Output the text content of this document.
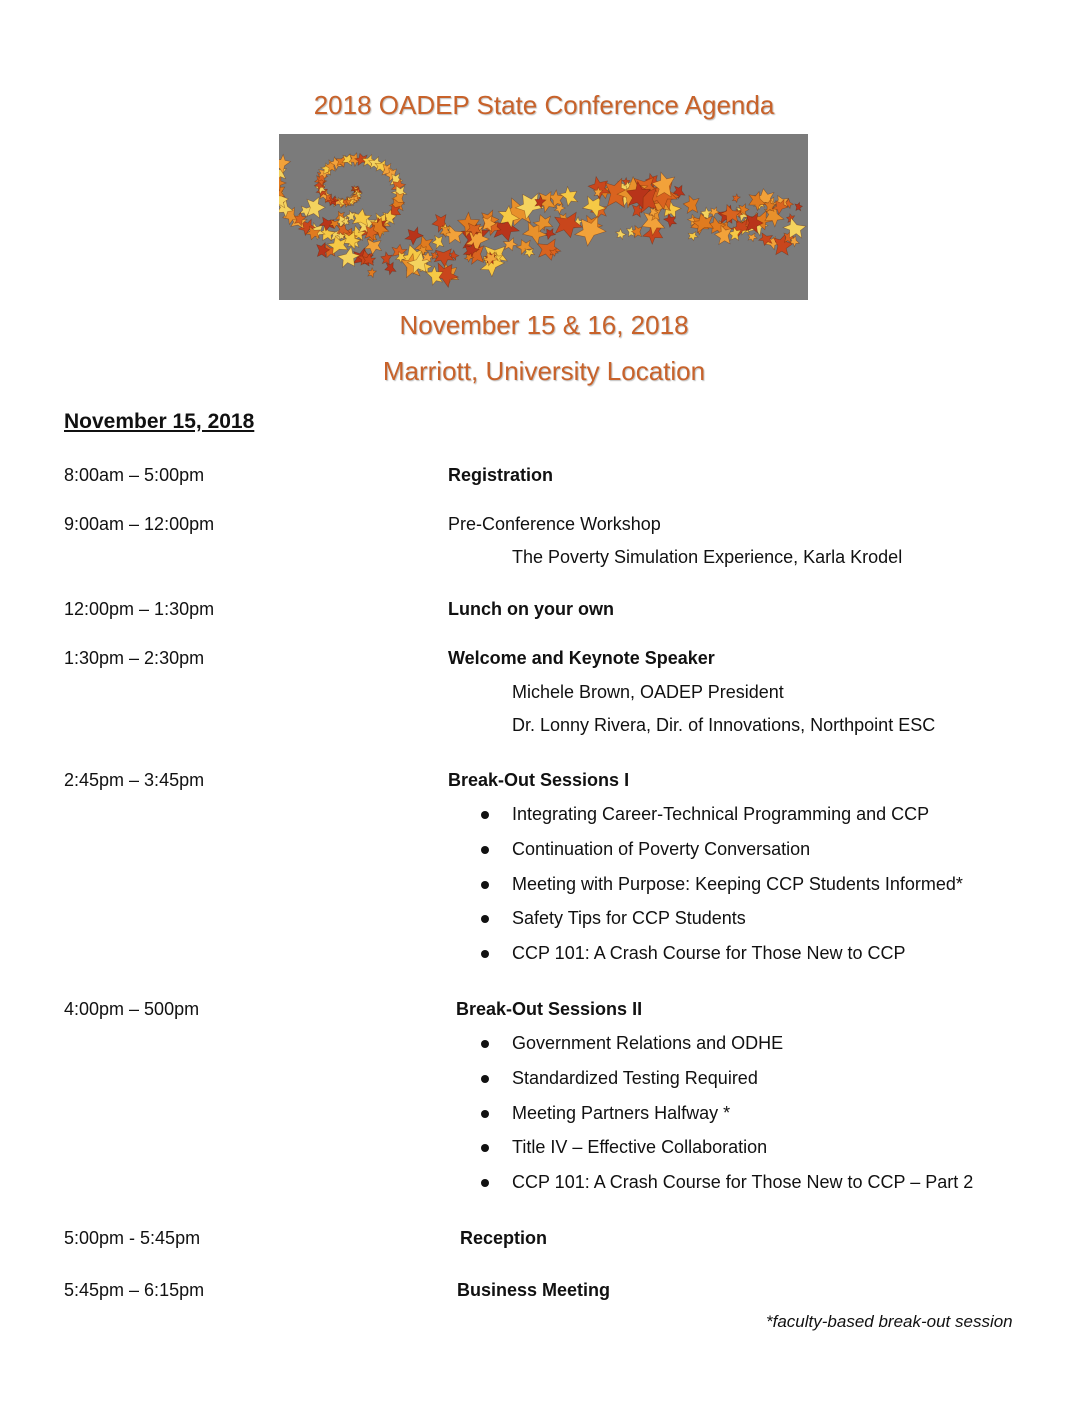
2018 OADEP State Conference Agenda
November 15 & 16, 2018
Marriott, University Location
November 15, 2018
8:00am – 5:00pm	Registration
9:00am – 12:00pm	Pre-Conference Workshop
The Poverty Simulation Experience, Karla Krodel
12:00pm – 1:30pm	Lunch on your own
1:30pm – 2:30pm	Welcome and Keynote Speaker
Michele Brown, OADEP President
Dr. Lonny Rivera, Dir. of Innovations, Northpoint ESC
2:45pm – 3:45pm	Break-Out Sessions I
Integrating Career-Technical Programming and CCP
Continuation of Poverty Conversation
Meeting with Purpose: Keeping CCP Students Informed*
Safety Tips for CCP Students
CCP 101: A Crash Course for Those New to CCP
4:00pm – 500pm	Break-Out Sessions II
Government Relations and ODHE
Standardized Testing Required
Meeting Partners Halfway *
Title IV – Effective Collaboration
CCP 101: A Crash Course for Those New to CCP – Part 2
5:00pm - 5:45pm	Reception
5:45pm – 6:15pm	Business Meeting
*faculty-based break-out session
